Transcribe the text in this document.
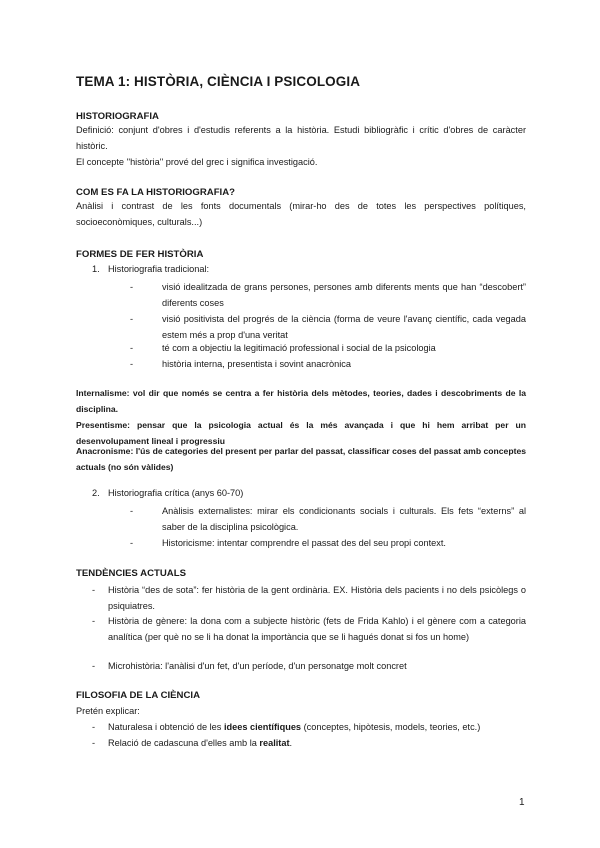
TEMA 1: HISTÒRIA, CIÈNCIA I PSICOLOGIA
HISTORIOGRAFIA
Definició: conjunt d'obres i d'estudis referents a la història. Estudi bibliogràfic i crític d'obres de caràcter històric.
El concepte ''història'' prové del grec i significa investigació.
COM ES FA LA HISTORIOGRAFIA?
Anàlisi i contrast de les fonts documentals (mirar-ho des de totes les perspectives polítiques, socioeconòmiques, culturals...)
FORMES DE FER HISTÒRIA
1. Historiografia tradicional:
-	visió idealitzada de grans persones, persones amb diferents ments que han “descobert” diferents coses
-	visió positivista del progrés de la ciència (forma de veure l'avanç científic, cada vegada estem més a prop d'una veritat
-	té com a objectiu la legitimació professional i social de la psicologia
-	història interna, presentista i sovint anacrònica
Internalisme: vol dir que només se centra a fer història dels mètodes, teories, dades i descobriments de la disciplina.
Presentisme: pensar que la psicologia actual és la més avançada i que hi hem arribat per un desenvolupament lineal i progressiu
Anacronisme: l'ús de categories del present per parlar del passat, classificar coses del passat amb conceptes actuals (no són vàlides)
2. Historiografia crítica (anys 60-70)
-	Anàlisis externalistes: mirar els condicionants socials i culturals. Els fets “externs” al saber de la disciplina psicològica.
-	Historicisme: intentar comprendre el passat des del seu propi context.
TENDÈNCIES ACTUALS
- Història “des de sota”: fer història de la gent ordinària. EX. Història dels pacients i no dels psicòlegs o psiquiatres.
- Història de gènere: la dona com a subjecte històric (fets de Frida Kahlo) i el gènere com a categoria analítica (per què no se li ha donat la importància que se li hagués donat si fos un home)
- Microhistòria: l'anàlisi d'un fet, d'un període, d'un personatge molt concret
FILOSOFIA DE LA CIÈNCIA
Pretén explicar:
- Naturalesa i obtenció de les idees científiques (conceptes, hipòtesis, models, teories, etc.)
- Relació de cadascuna d'elles amb la realitat.
1
